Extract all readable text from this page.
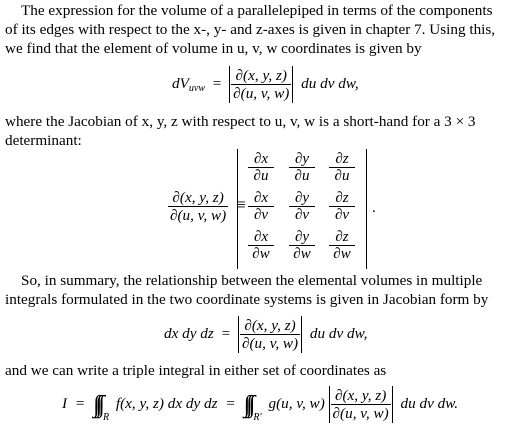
The expression for the volume of a parallelepiped in terms of the components
of its edges with respect to the x-, y- and z-axes is given in chapter 7. Using this,
we find that the element of volume in u, v, w coordinates is given by
$dV_{uvw} = \frac{\partial(x, y, z)}{\partial(u, v, w)}$ du dv dw,
where the Jacobian of x, y, z with respect to u, v, w is a short-hand for a 3 × 3
determinant:
$\frac{\partial(x, y, z)}{\partial(u, v, w)}$ ≡
∂x
∂u
∂y
∂u
∂z
∂u
∂x
∂v
∂y
∂v
∂z
∂v
∂x
∂w
∂y
∂w
∂z
∂w
.
So, in summary, the relationship between the elemental volumes in multiple
integrals formulated in the two coordinate systems is given in Jacobian form by
dx dy dz = $\frac{\partial(x, y, z)}{\partial(u, v, w)}$ du dv dw,
and we can write a triple integral in either set of coordinates as
I = ∫∫∫ $_R$ f(x, y, z) dx dy dz = ∫∫∫ $_{R'}$ g(u, v, $w) \frac{\partial(x, y, z)}{\partial(u, v, w)}$ du dv dw.
